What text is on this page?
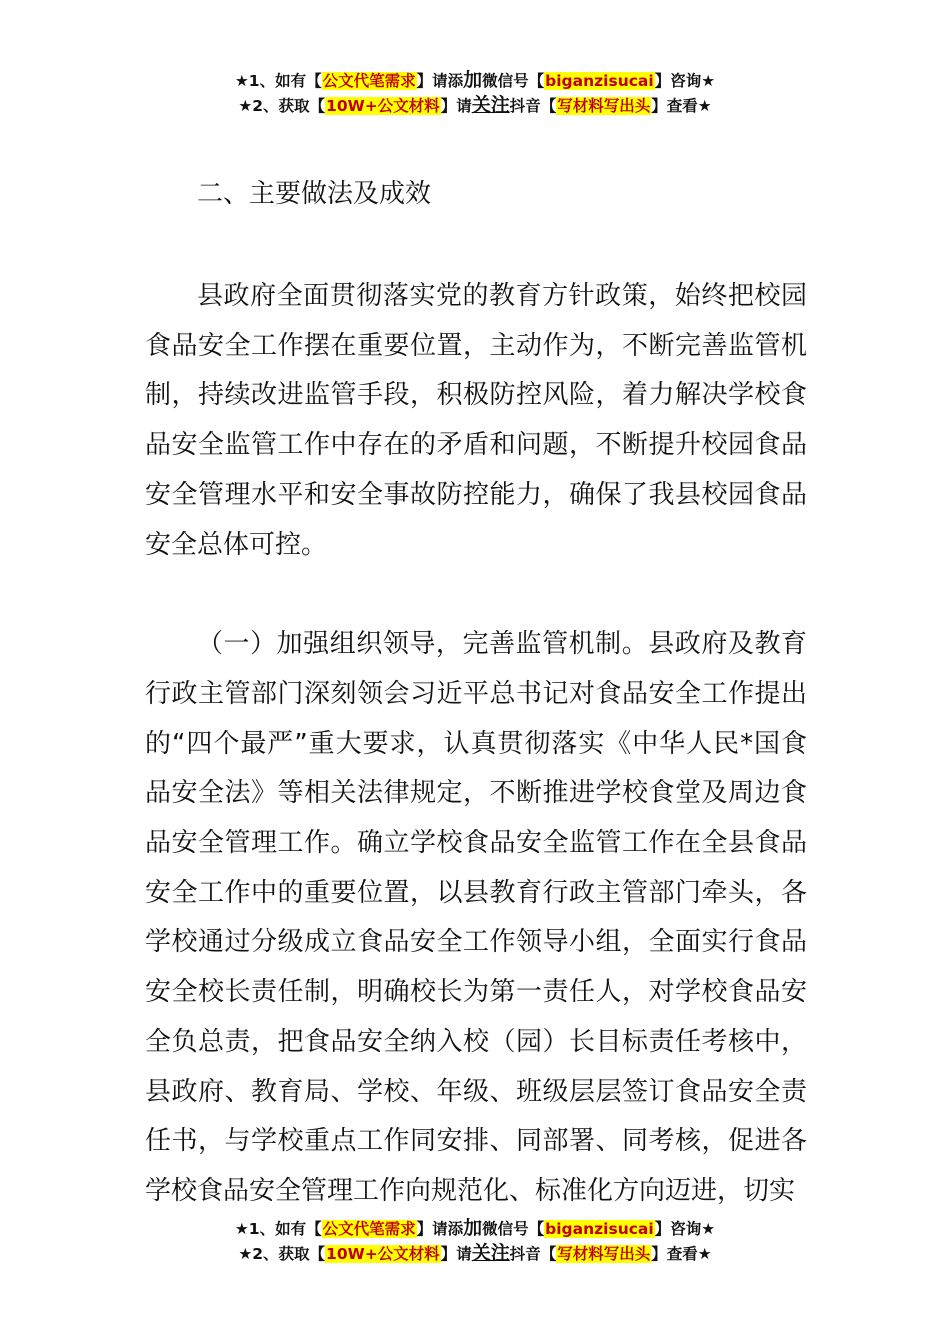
★1、如有【公文代笔需求】请添加微信号【biganzisucai】咨询★
★2、获取【10W+公文材料】请关注抖音【写材料写出头】查看★

二、主要做法及成效

县政府全面贯彻落实党的教育方针政策，始终把校园食品安全工作摆在重要位置，主动作为，不断完善监管机制，持续改进监管手段，积极防控风险，着力解决学校食品安全监管工作中存在的矛盾和问题，不断提升校园食品安全管理水平和安全事故防控能力，确保了我县校园食品安全总体可控。

（一）加强组织领导，完善监管机制。县政府及教育行政主管部门深刻领会习近平总书记对食品安全工作提出的“四个最严”重大要求，认真贯彻落实《中华人民*国食品安全法》等相关法律规定，不断推进学校食堂及周边食品安全管理工作。确立学校食品安全监管工作在全县食品安全工作中的重要位置，以县教育行政主管部门牵头，各学校通过分级成立食品安全工作领导小组，全面实行食品安全校长责任制，明确校长为第一责任人，对学校食品安全负总责，把食品安全纳入校（园）长目标责任考核中，县政府、教育局、学校、年级、班级层层签订食品安全责任书，与学校重点工作同安排、同部署、同考核，促进各学校食品安全管理工作向规范化、标准化方向迈进，切实

★1、如有【公文代笔需求】请添加微信号【biganzisucai】咨询★
★2、获取【10W+公文材料】请关注抖音【写材料写出头】查看★
